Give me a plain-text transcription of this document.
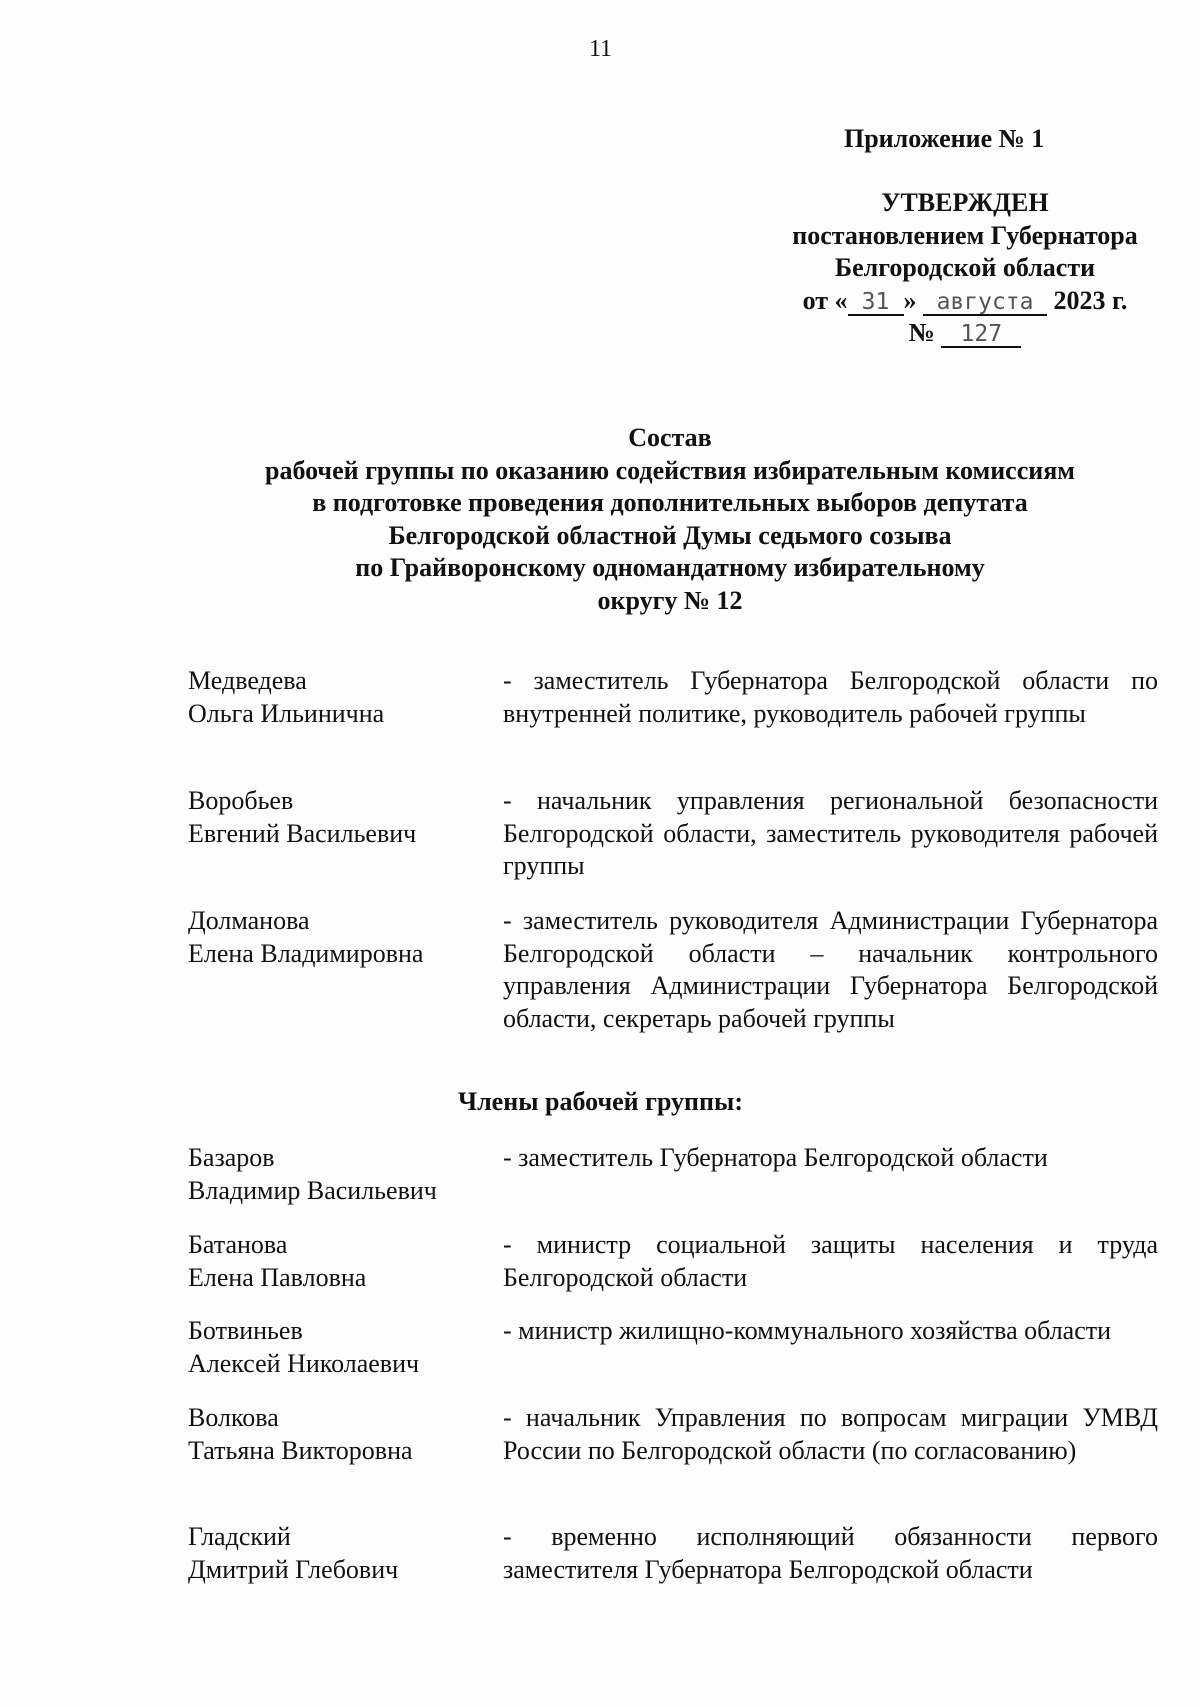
11
Приложение № 1
УТВЕРЖДЕН
постановлением Губернатора
Белгородской области
от « 31 » августа 2023 г.
№ 127
Состав
рабочей группы по оказанию содействия избирательным комиссиям
в подготовке проведения дополнительных выборов депутата
Белгородской областной Думы седьмого созыва
по Грайворонскому одномандатному избирательному
округу № 12
Медведева
Ольга Ильинична
- заместитель Губернатора Белгородской области по внутренней политике, руководитель рабочей группы
Воробьев
Евгений Васильевич
- начальник управления региональной безопасности Белгородской области, заместитель руководителя рабочей группы
Долманова
Елена Владимировна
- заместитель руководителя Администрации Губернатора Белгородской области – начальник контрольного управления Администрации Губернатора Белгородской области, секретарь рабочей группы
Члены рабочей группы:
Базаров
Владимир Васильевич
- заместитель Губернатора Белгородской области
Батанова
Елена Павловна
- министр социальной защиты населения и труда Белгородской области
Ботвиньев
Алексей Николаевич
- министр жилищно-коммунального хозяйства области
Волкова
Татьяна Викторовна
- начальник Управления по вопросам миграции УМВД России по Белгородской области (по согласованию)
Гладский
Дмитрий Глебович
- временно исполняющий обязанности первого заместителя Губернатора Белгородской области
